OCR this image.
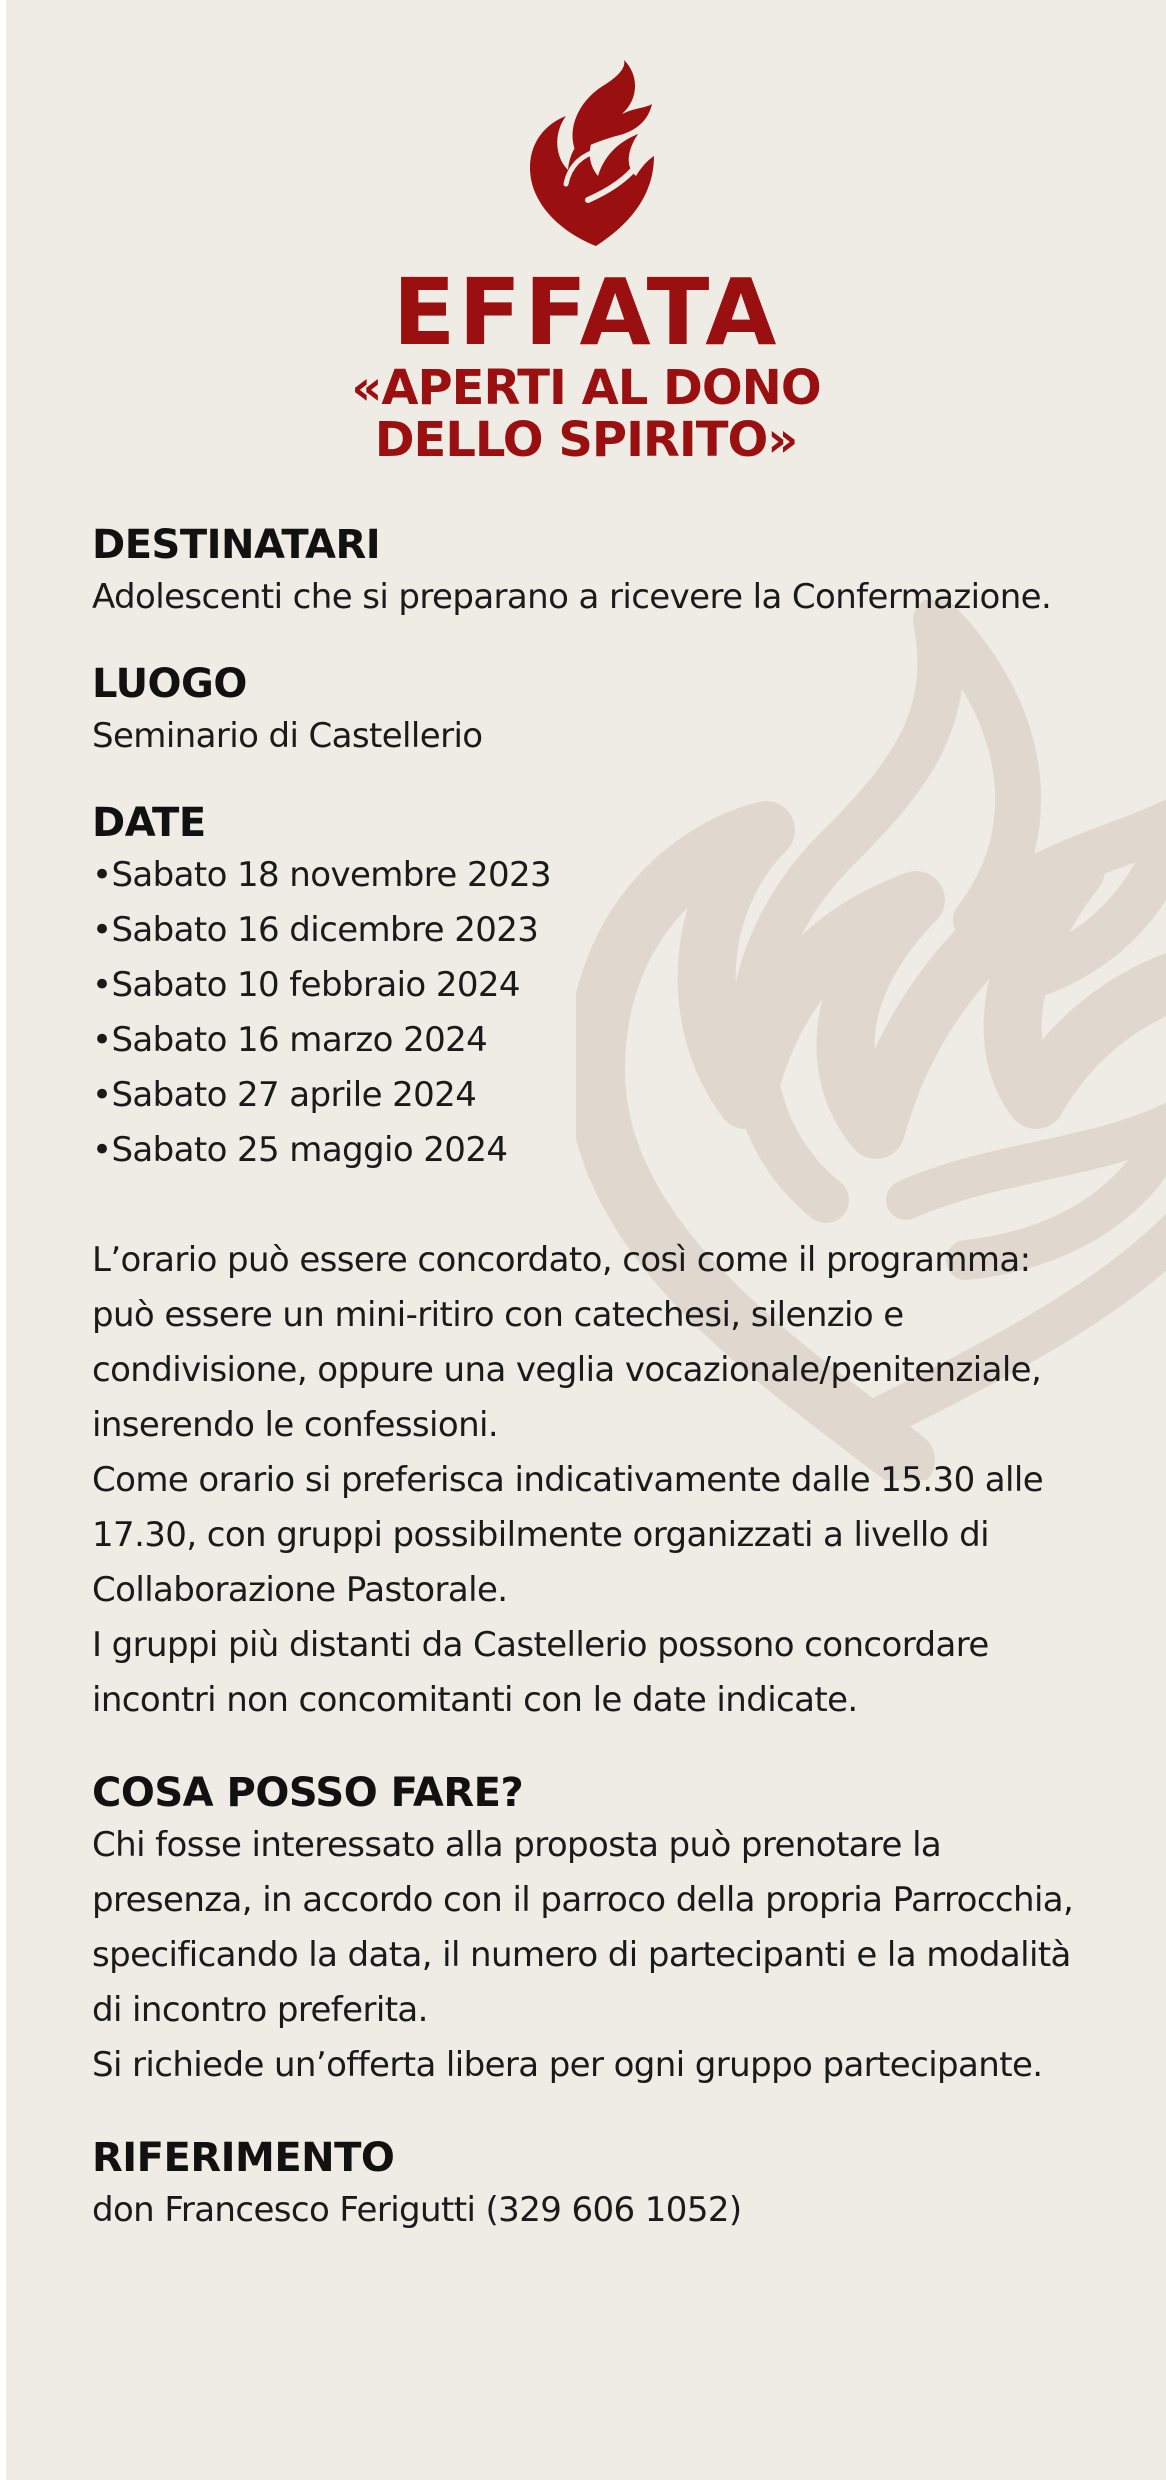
EFFATA
«APERTI AL DONO
DELLO SPIRITO»
DESTINATARI

Adolescenti che si preparano a ricevere la Confermazione.

LUOGO

Seminario di Castellerio

DATE
•Sabato 18 novembre 2023
•Sabato 16 dicembre 2023
•Sabato 10 febbraio 2024
•Sabato 16 marzo 2024
•Sabato 27 aprile 2024
•Sabato 25 maggio 2024

L’orario può essere concordato, così come il programma:

può essere un mini-ritiro con catechesi, silenzio e

condivisione, oppure una veglia vocazionale/penitenziale,

inserendo le confessioni.

Come orario si preferisca indicativamente dalle 15.30 alle

17.30, con gruppi possibilmente organizzati a livello di

Collaborazione Pastorale.

I gruppi più distanti da Castellerio possono concordare

incontri non concomitanti con le date indicate.

COSA POSSO FARE?

Chi fosse interessato alla proposta può prenotare la

presenza, in accordo con il parroco della propria Parrocchia,

specificando la data, il numero di partecipanti e la modalità

di incontro preferita.

Si richiede un’offerta libera per ogni gruppo partecipante.

RIFERIMENTO

don Francesco Ferigutti (329 606 1052)
